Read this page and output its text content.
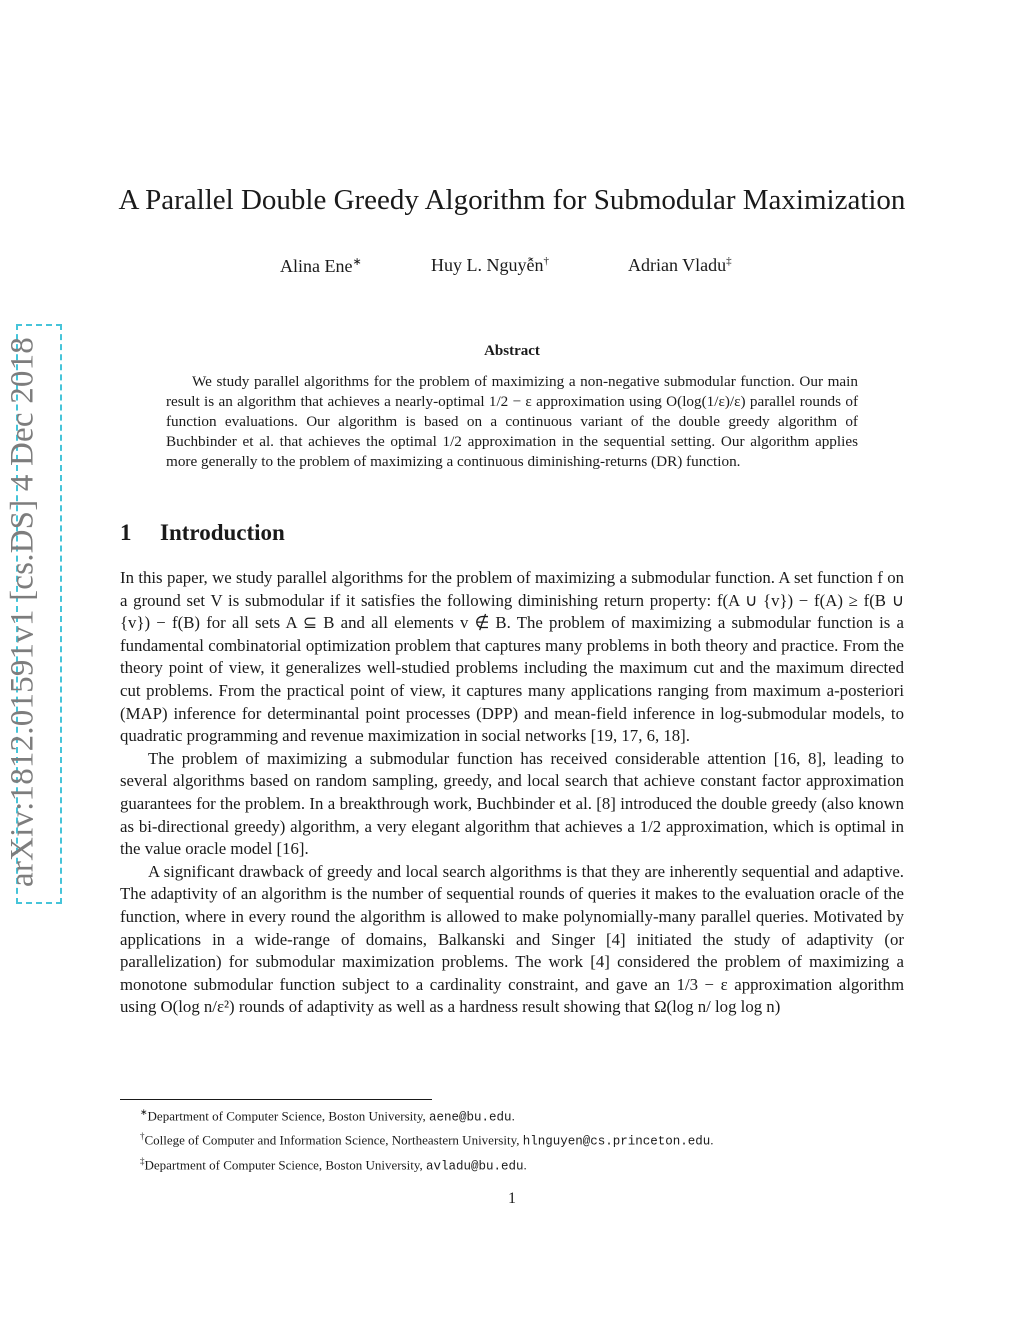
arXiv:1812.01591v1 [cs.DS] 4 Dec 2018
A Parallel Double Greedy Algorithm for Submodular Maximization
Alina Ene∗	Huy L. Nguyễn†	Adrian Vladu‡
Abstract

We study parallel algorithms for the problem of maximizing a non-negative submodular function. Our main result is an algorithm that achieves a nearly-optimal 1/2 − ε approximation using O(log(1/ε)/ε) parallel rounds of function evaluations. Our algorithm is based on a continuous variant of the double greedy algorithm of Buchbinder et al. that achieves the optimal 1/2 approximation in the sequential setting. Our algorithm applies more generally to the problem of maximizing a continuous diminishing-returns (DR) function.

1 Introduction

In this paper, we study parallel algorithms for the problem of maximizing a submodular function. A set function f on a ground set V is submodular if it satisfies the following diminishing return property: f(A ∪ {v}) − f(A) ≥ f(B ∪ {v}) − f(B) for all sets A ⊆ B and all elements v ∉ B. The problem of maximizing a submodular function is a fundamental combinatorial optimization problem that captures many problems in both theory and practice. From the theory point of view, it generalizes well-studied problems including the maximum cut and the maximum directed cut problems. From the practical point of view, it captures many applications ranging from maximum a-posteriori (MAP) inference for determinantal point processes (DPP) and mean-field inference in log-submodular models, to quadratic programming and revenue maximization in social networks [19, 17, 6, 18].

The problem of maximizing a submodular function has received considerable attention [16, 8], leading to several algorithms based on random sampling, greedy, and local search that achieve constant factor approximation guarantees for the problem. In a breakthrough work, Buchbinder et al. [8] introduced the double greedy (also known as bi-directional greedy) algorithm, a very elegant algorithm that achieves a 1/2 approximation, which is optimal in the value oracle model [16].

A significant drawback of greedy and local search algorithms is that they are inherently sequential and adaptive. The adaptivity of an algorithm is the number of sequential rounds of queries it makes to the evaluation oracle of the function, where in every round the algorithm is allowed to make polynomially-many parallel queries. Motivated by applications in a wide-range of domains, Balkanski and Singer [4] initiated the study of adaptivity (or parallelization) for submodular maximization problems. The work [4] considered the problem of maximizing a monotone submodular function subject to a cardinality constraint, and gave an 1/3 − ε approximation algorithm using O(log n/ε²) rounds of adaptivity as well as a hardness result showing that Ω(log n/ log log n)

∗Department of Computer Science, Boston University, aene@bu.edu.
†College of Computer and Information Science, Northeastern University, hlnguyen@cs.princeton.edu.
‡Department of Computer Science, Boston University, avladu@bu.edu.
1
